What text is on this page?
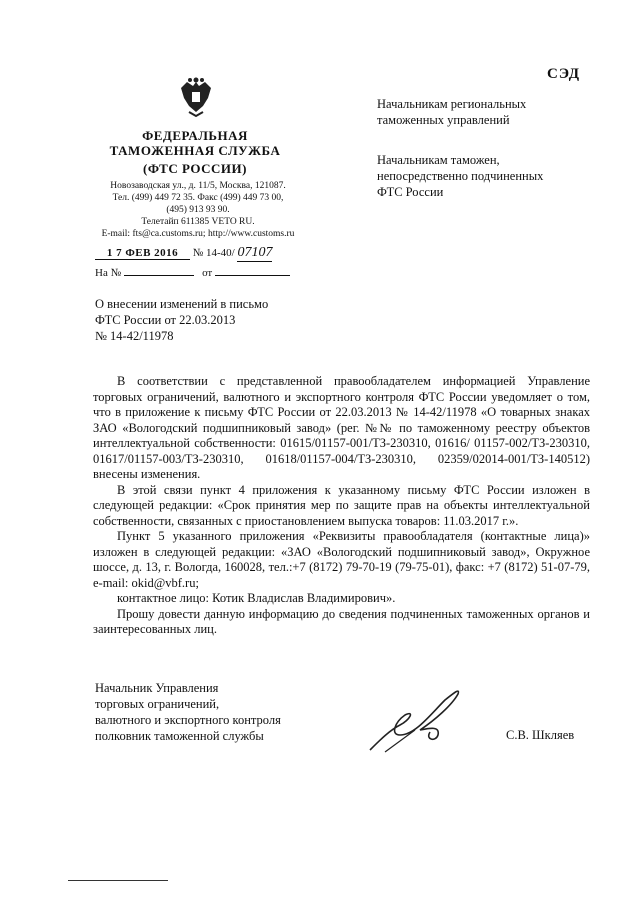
СЭД
ФЕДЕРАЛЬНАЯ
ТАМОЖЕННАЯ СЛУЖБА
(ФТС РОССИИ)
Новозаводская ул., д. 11/5, Москва, 121087.
Тел. (499) 449 72 35. Факс (499) 449 73 00,
(495) 913 93 90.
Телетайп 611385 VETO RU.
E-mail: fts@ca.customs.ru; http://www.customs.ru
1 7 ФЕВ 2016 № 14-40/ 07107
На №	от
Начальникам региональных
таможенных управлений
Начальникам таможен,
непосредственно подчиненных
ФТС России
О внесении изменений в письмо
ФТС России от 22.03.2013
№ 14-42/11978

В соответствии с представленной правообладателем информацией Управление торговых ограничений, валютного и экспортного контроля ФТС России уведомляет о том, что в приложение к письму ФТС России от 22.03.2013 № 14-42/11978 «О товарных знаках ЗАО «Вологодский подшипниковый завод» (рег. №№ по таможенному реестру объектов интеллектуальной собственности: 01615/01157-001/ТЗ-230310, 01616/ 01157-002/ТЗ-230310, 01617/01157-003/ТЗ-230310, 01618/01157-004/ТЗ-230310, 02359/02014-001/ТЗ-140512) внесены изменения.

В этой связи пункт 4 приложения к указанному письму ФТС России изложен в следующей редакции: «Срок принятия мер по защите прав на объекты интеллектуальной собственности, связанных с приостановлением выпуска товаров: 11.03.2017 г.».

Пункт 5 указанного приложения «Реквизиты правообладателя (контактные лица)» изложен в следующей редакции: «ЗАО «Вологодский подшипниковый завод», Окружное шоссе, д. 13, г. Вологда, 160028, тел.:+7 (8172) 79-70-19 (79-75-01), факс: +7 (8172) 51-07-79, e-mail: okid@vbf.ru;

контактное лицо: Котик Владислав Владимирович».

Прошу довести данную информацию до сведения подчиненных таможенных органов и заинтересованных лиц.

Начальник Управления
торговых ограничений,
валютного и экспортного контроля
полковник таможенной службы	С.В. Шкляев
